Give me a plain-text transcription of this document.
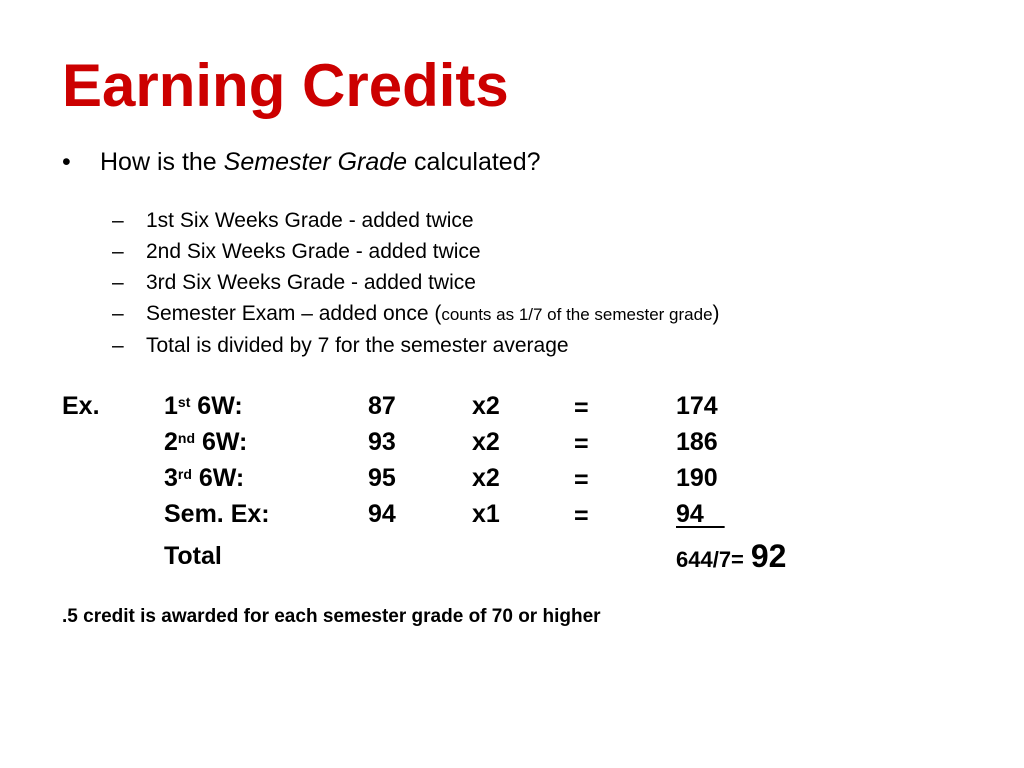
Earning Credits
•	How is the Semester Grade calculated?
– 1st Six Weeks Grade - added twice
– 2nd Six Weeks Grade - added twice
– 3rd Six Weeks Grade - added twice
– Semester Exam – added once (counts as 1/7 of the semester grade)
– Total is divided by 7 for the semester average
Ex.	1st 6W:	87	x2	=	174
2nd 6W:	93	x2	=	186
3rd 6W:	95	x2	=	190
Sem. Ex:	94	x1	=	94
Total	644/7= 92
.5 credit is awarded for each semester grade of 70 or higher
